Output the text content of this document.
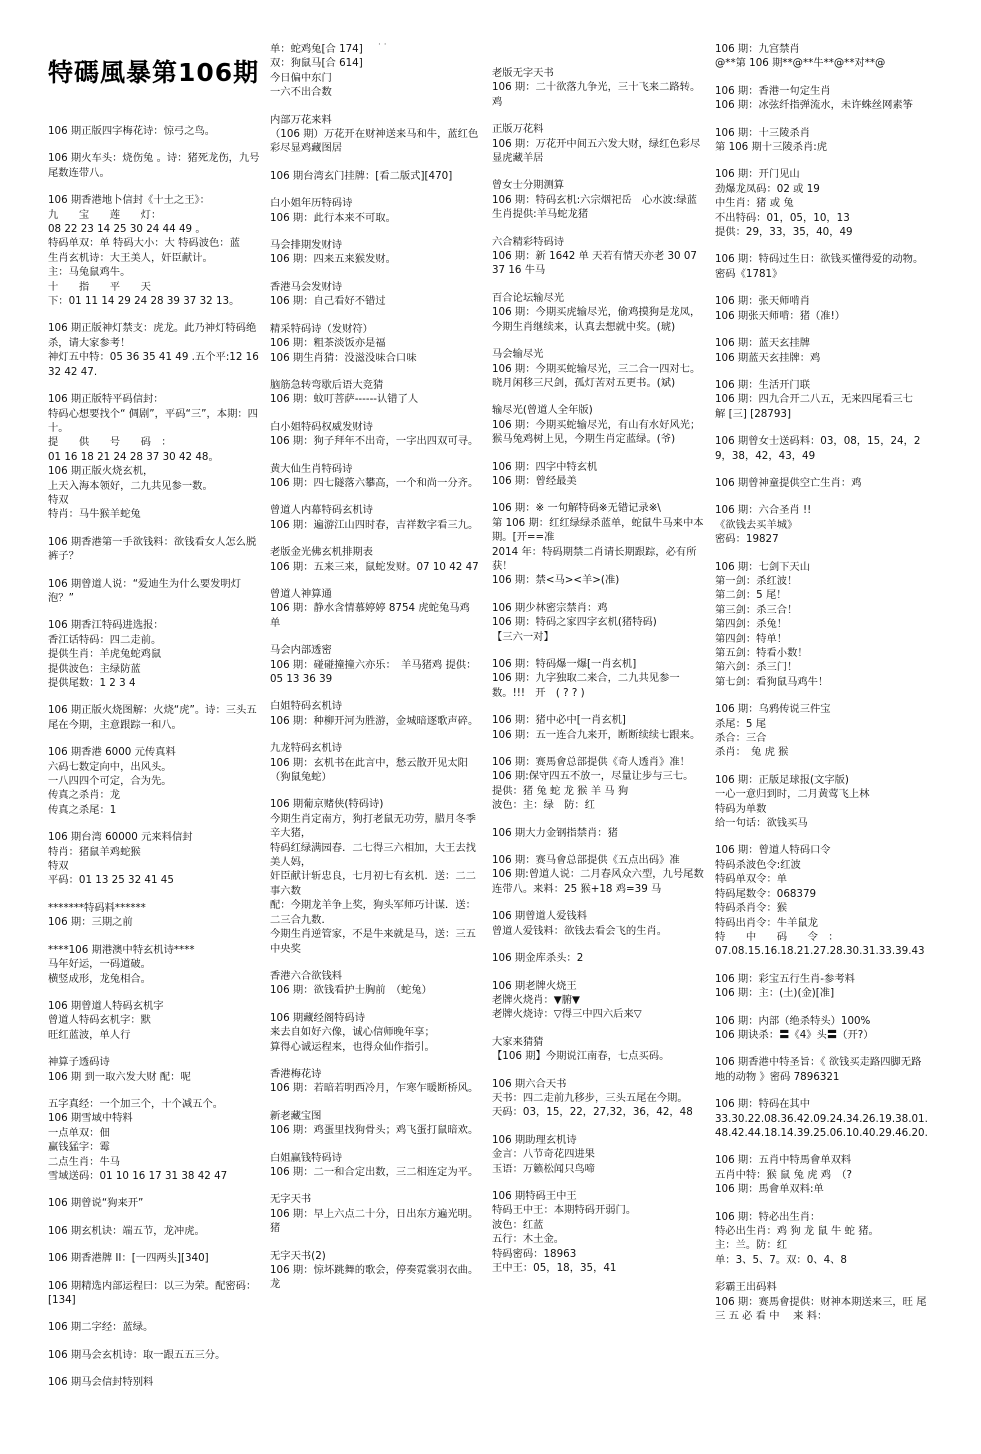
· ·
特碼風暴第106期
106 期正版四字梅花诗：惊弓之鸟。
106 期火车头：烧伤兔 。诗：猪死龙伤，九号尾数连带八。
106 期香港地卜信封《十土之王》：
九　　宝　　莲　　灯：
08 22 23 14 25 30 24 44 49 。
特码单双：单 特码大小：大 特码波色：蓝
生肖玄机诗：大王美人，奸臣献计。
主：马兔鼠鸡牛。
十　　指　　平　　天
下：01 11 14 29 24 28 39 37 32 13。
106 期正版神灯禁支：虎龙。此乃神灯特码绝杀，请大家参考！
神灯五中特：05 36 35 41 49 .五个平:12 16 32 42 47.
106 期正版特平码信封：
特码心想要找个“ 倜剧”，平码“三”，本期：四十。
提　　供　　号　　码　：
01 16 18 21 24 28 37 30 42 48。
106 期正版火烧玄机，
上天入海本领好，二九共见参一数。
特双
特肖：马牛猴羊蛇兔
106 期香港第一手欲钱料：欲钱看女人怎么脱裤子？
106 期曾道人说：“爱迪生为什么要发明灯泡？”
106 期香江特码进选报：
香江话特码：四二走前。
提供生肖：羊虎兔蛇鸡鼠
提供波色：主绿防蓝
提供尾数：1 2 3 4
106 期正版火烧图解：火烧“虎”。诗：三头五尾在今期，主意跟踪一和八。
106 期香港 6000 元传真料
六码七数定向中，出风头。
一八四四个可定，合为先。
传真之杀肖：龙
传真之杀尾：1
106 期台湾 60000 元来料信封
特肖：猪鼠羊鸡蛇猴
特双
平码：01 13 25 32 41 45
*******特码料******
106 期：三期之前
****106 期港澳中特玄机诗****
马年好运，一码道破。
横竖成形，龙兔相合。
106 期曾道人特码玄机字
曾道人特码玄机字：默
旺红蓝波，单人行
神算子透码诗
106 期 到一取六发大财 配：呢
五字真经：一个加三个，十个减五个。
106 期雪域中特料
一点单双：佃
赢钱猛字：霉
二点生肖：牛马
雪域送码：01 10 16 17 31 38 42 47
106 期曾说“狗来开”
106 期玄机诀：端五节，龙冲虎。
106 期香港牌 II：[一四两头][340]
106 期精选内部运程曰：以三为荣。配密码：[134]
106 期二字经：蓝绿。
106 期马会玄机诗：取一跟五五三分。
106 期马会信封特别料
单：蛇鸡兔[合 174]
双：狗鼠马[合 614]
今日偏中东门
一六不出合数
内部万花来料
（106 期）万花开在财神送来马和牛，蓝红色彩尽显鸡藏图居
106 期台湾玄门挂牌：[看二版式][470]
白小姐年历特码诗
106 期：此行本来不可取。
马会排期发财诗
106 期：四来五来猴发财。
香港马会发财诗
106 期：自己看好不错过
精采特码诗（发财符）
106 期：粗茶淡饭亦是福
106 期生肖猜：没滋没味合口味
脑筋急转弯歇后语大竞猜
106 期：蚊叮菩萨------认错了人
白小姐特码权威发财诗
106 期：狗子拜年不出奇，一字出四双可寻。
黄大仙生肖特码诗
106 期：四七隧落六攀高，一个和尚一分齐。
曾道人内幕特码玄机诗
106 期：遍游江山四时春，吉祥数字看三九。
老版金光佛玄机排期表
106 期：五来三来，鼠蛇发财。07 10 42 47
曾道人神算通
106 期：静水含情慕婷婷 8754 虎蛇兔马鸡 单
马会内部透密
106 期：碰碰撞撞六亦乐：　羊马猪鸡 提供：05 13 36 39
白姐特码玄机诗
106 期：种柳开河为胜游，金城暗逐歌声碎。
九龙特码玄机诗
106 期：玄机书在此言中，愁云散开见太阳（狗鼠兔蛇）
106 期葡京赌侠(特码诗)
今期生肖定南方，狗打老鼠无功劳，腊月冬季辛大猪，
特码红绿满园春．二七得三六相加，大王去找美人妈，
奸臣献计斩忠良，七月初七有玄机．送：二二事六数
配：今期龙羊争上奖，狗头军师巧计谋．送：二三合九数．
今期生肖逆管家，不是牛来就是马，送：三五中央奖
香港六合欲钱料
106 期：欲钱看护士胸前　（蛇兔）
106 期藏经阁特码诗
来去自如好六像，诚心信师晚年享；
算得心诚运程来，也得众仙作指引。
香港梅花诗
106 期：若暗若明西冷月，乍寒乍暖断桥风。
新老藏宝图
106 期：鸡蛋里找狗骨头；鸡飞蛋打鼠暗欢。
白姐赢钱特码诗
106 期：二一和合定出数，三二相连定为平。
无字天书
106 期：早上六点二十分，日出东方遍光明。　猪
无字天书(2)
106 期：惊坏跳舞的歌会，停奏霓裳羽衣曲。龙
老版无字天书
106 期：二十欲落九争光，三十飞来二路转。鸡
正版万花料
106 期：万花开中间五六发大财，绿红色彩尽显虎藏羊居
曾女士分期测算
106 期：特码玄机:六宗烟祀岳　心水波:绿蓝　生肖提供:羊马蛇龙猪
六合精彩特码诗
106 期：新 1642 单 天若有情天亦老 30 07 37 16 牛马
百合论坛输尽光
106 期：今期买虎输尽光，偷鸡摸狗是龙凤，今期生肖继续来，认真去想就中奖。(琥)
马会输尽光
106 期：今期买蛇输尽光，三二合一四对七。晓月闲移三尺剑，孤灯苦对五更书。(斌)
输尽光(曾道人全年版)
106 期：今期买蛇输尽光，有山有水好风光；猴马兔鸡树上见，今期生肖定蓝绿。(爷)
106 期：四字中特玄机
106 期：曾经最美
106 期：※ 一句解特码※无错记录※\
第 106 期：红红绿绿杀蓝单，蛇鼠牛马来中本期。[开==准
2014 年：特码期禁二肖请长期跟踪，必有所获！
106 期：禁<马><羊>(准)
106 期少林密宗禁肖：鸡
106 期：特码之家四字玄机(猪特码)
【三六一对】
106 期：特码爆一爆[一肖玄机]
106 期：九字独取二来合，二九共见参一数。!!!　开　( ? ? )
106 期：猪中必中[一肖玄机]
106 期：五一连合九来开，断断续续七跟来。
106 期：赛馬會总部提供《奇人透肖》准！
106 期:保守四五不放一，尽量让步与三七。
提供：猪 兔 蛇 龙 猴 羊 马 狗
波色：主：绿　防：红
106 期大力金钢指禁肖：猪
106 期：赛马會总部提供《五点出码》准
106 期:曾道人说：二月春风众六型，九号尾数连带八。来料：25 猴+18 鸡=39 马
106 期曾道人爱钱料
曾道人爱钱料：欲钱去看会飞的生肖。
106 期金库杀头：2
106 期老牌火烧王
老牌火烧肖：▼腑▼
老牌火烧诗：▽得三中四六后来▽
大家来猜猜
【106 期】今期说江南春，七点买码。
106 期六合天书
天书：四二走前九移步，三头五尾在今期。
天码：03，15，22，27,32，36，42，48
106 期助理玄机诗
金言：八节奇花四进果
玉语：万籁松闻只鸟啼
106 期特码王中王
特码王中王：本期特码开弱门。
波色：红蓝
五行：木土金。
特码密码：18963
王中王：05，18，35，41
106 期：九宫禁肖
@**第 106 期**@**牛**@**对**@
106 期：香港一句定生肖
106 期：冰弦纤指弹流水，未许蛛丝网素筝
106 期：十三陵杀肖
第 106 期十三陵杀肖:虎
106 期：开门见山
劲爆龙凤码：02 或 19
中生肖：猪 或 兔
不出特码：01，05，10，13
提供：29，33，35，40，49
106 期：特码过生日：欲钱买懂得爱的动物。
密码《1781》
106 期：张天师啃肖
106 期张天师啃：猪（准!）
106 期：蓝天玄挂牌
106 期蓝天玄挂牌：鸡
106 期：生活开门联
106 期：四九合开二八五，无来四尾看三七
解 [三] [28793]
106 期曾女士送码料：03，08，15，24，29，38，42，43，49
106 期曾神童提供空亡生肖：鸡
106 期：六合圣肖 !!
《欲钱去买羊城》
密码：19827
106 期：七剑下天山
第一剑：杀红波！
第二剑：5 尾！
第三剑：杀三合！
第四剑：杀兔！
第四剑：特单！
第五剑：特看小数！
第六剑：杀三门！
第七剑：看狗鼠马鸡牛！
106 期：乌鸦传说三件宝
杀尾：5 尾
杀合：三合
杀肖：　兔 虎 猴
106 期：正版足球报(文字版)
一心一意归到时，二月黄莺飞上林
特码为单数
给一句话：欲钱买马
106 期：曾道人特码口令
特码杀波色令:红波
特码单双令：单
特码尾数令：068379
特码杀肖令：猴
特码出肖令：牛羊鼠龙
特　　中　　码　　令　：
07.08.15.16.18.21.27.28.30.31.33.39.43
106 期：彩宝五行生肖-参考料
106 期：主：(土)(金)[准]
106 期：内部（绝杀特头）100%
106 期诀杀：〓《4》头〓（开?）
106 期香港中特圣旨：《 欲钱买走路四脚无路地的动物 》密码 7896321
106 期：特码在其中
33.30.22.08.36.42.09.24.34.26.19.38.01.
48.42.44.18.14.39.25.06.10.40.29.46.20.
106 期：五肖中特馬會单双料
五肖中特：猴 鼠 兔 虎 鸡　（?
106 期：馬會单双料:单
106 期：特必出生肖：
特必出生肖：鸡 狗 龙 鼠 牛 蛇 猪。
主：兰。防：红
单：3、5、7。双：0、4、8
彩霸王出码料
106 期：赛馬會提供：财神本期送来三，旺 尾 三 五 必 看 中　 来 料：
